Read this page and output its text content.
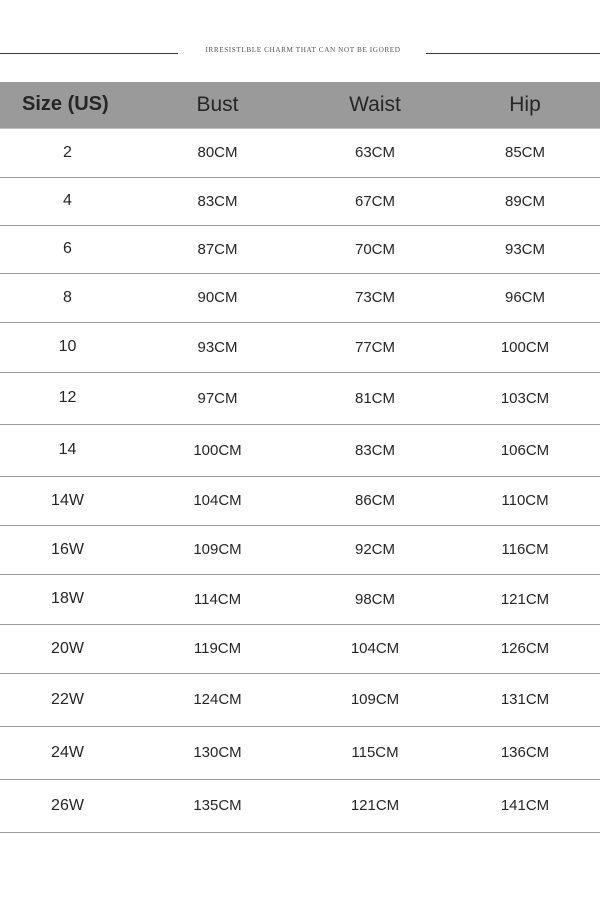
IRRESISTLBLE CHARM THAT CAN NOT BE IGORED
Size (US)	Bust	Waist	Hip
2	80CM	63CM	85CM
4	83CM	67CM	89CM
6	87CM	70CM	93CM
8	90CM	73CM	96CM
10	93CM	77CM	100CM
12	97CM	81CM	103CM
14	100CM	83CM	106CM
14W	104CM	86CM	110CM
16W	109CM	92CM	116CM
18W	114CM	98CM	121CM
20W	119CM	104CM	126CM
22W	124CM	109CM	131CM
24W	130CM	115CM	136CM
26W	135CM	121CM	141CM
